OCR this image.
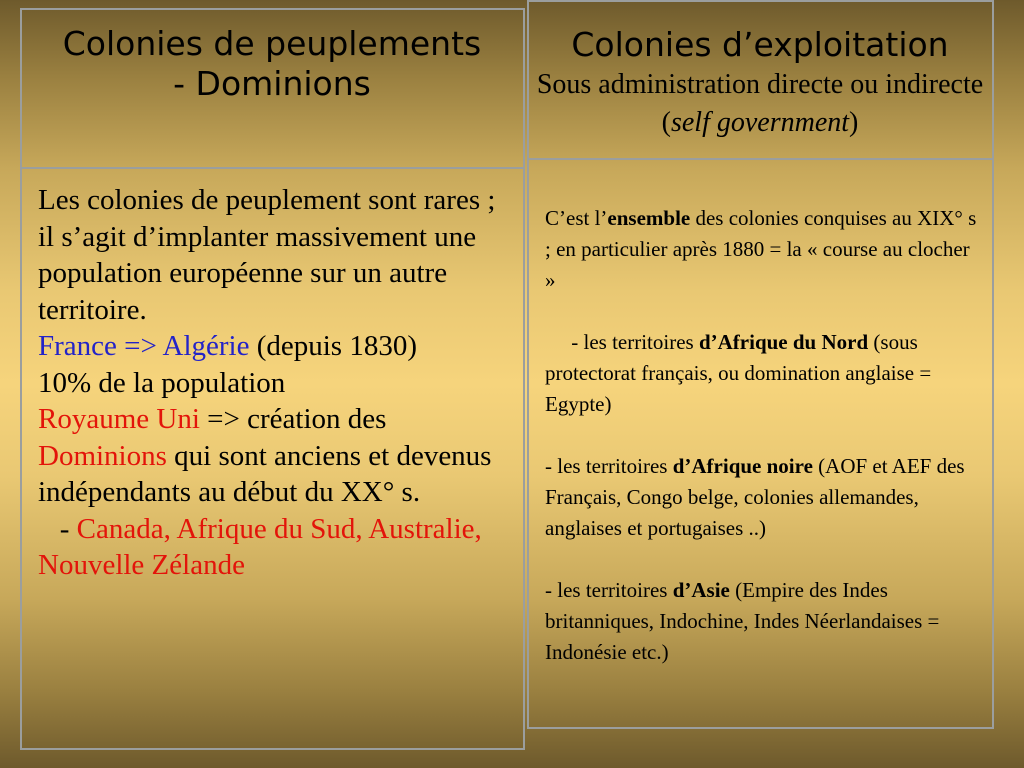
Colonies de peuplements
- Dominions
Colonies d’exploitation
Sous administration directe ou indirecte (self government)
Les colonies de peuplement sont rares ; il s’agit d’implanter massivement une population européenne sur un autre territoire.
France => Algérie (depuis 1830)
10% de la population
Royaume Uni => création des Dominions qui sont anciens et devenus indépendants au début du XX° s.
- Canada, Afrique du Sud, Australie, Nouvelle Zélande
C’est l’ensemble des colonies conquises au XIX° s ; en particulier après 1880 = la « course au clocher »
- les territoires d’Afrique du Nord (sous protectorat français, ou domination anglaise = Egypte)
- les territoires d’Afrique noire (AOF et AEF des Français, Congo belge, colonies allemandes, anglaises et portugaises ..)
- les territoires d’Asie (Empire des Indes britanniques, Indochine, Indes Néerlandaises = Indonésie etc.)
